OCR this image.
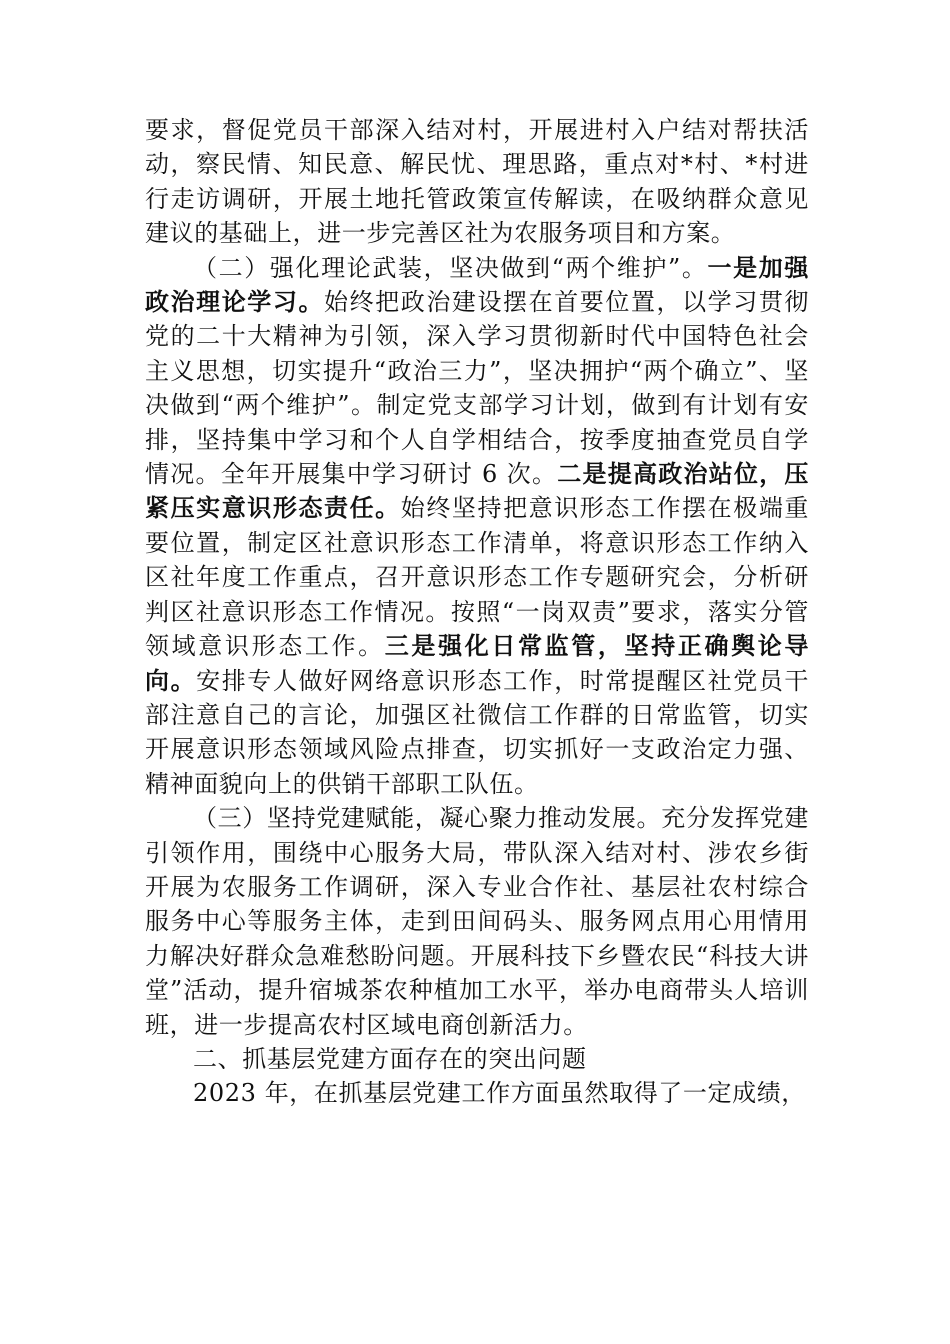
要求，督促党员干部深入结对村，开展进村入户结对帮扶活动，察民情、知民意、解民忧、理思路，重点对*村、*村进行走访调研，开展土地托管政策宣传解读，在吸纳群众意见建议的基础上，进一步完善区社为农服务项目和方案。

（二）强化理论武装，坚决做到“两个维护”。一是加强政治理论学习。始终把政治建设摆在首要位置，以学习贯彻党的二十大精神为引领，深入学习贯彻新时代中国特色社会主义思想，切实提升“政治三力”，坚决拥护“两个确立”、坚决做到“两个维护”。制定党支部学习计划，做到有计划有安排，坚持集中学习和个人自学相结合，按季度抽查党员自学情况。全年开展集中学习研讨 6 次。二是提高政治站位，压紧压实意识形态责任。始终坚持把意识形态工作摆在极端重要位置，制定区社意识形态工作清单，将意识形态工作纳入区社年度工作重点，召开意识形态工作专题研究会，分析研判区社意识形态工作情况。按照“一岗双责”要求，落实分管领域意识形态工作。三是强化日常监管，坚持正确舆论导向。安排专人做好网络意识形态工作，时常提醒区社党员干部注意自己的言论，加强区社微信工作群的日常监管，切实开展意识形态领域风险点排查，切实抓好一支政治定力强、精神面貌向上的供销干部职工队伍。

（三）坚持党建赋能，凝心聚力推动发展。充分发挥党建引领作用，围绕中心服务大局，带队深入结对村、涉农乡街开展为农服务工作调研，深入专业合作社、基层社农村综合服务中心等服务主体，走到田间码头、服务网点用心用情用力解决好群众急难愁盼问题。开展科技下乡暨农民“科技大讲堂”活动，提升宿城茶农种植加工水平，举办电商带头人培训班，进一步提高农村区域电商创新活力。

二、抓基层党建方面存在的突出问题

2023 年，在抓基层党建工作方面虽然取得了一定成绩，
